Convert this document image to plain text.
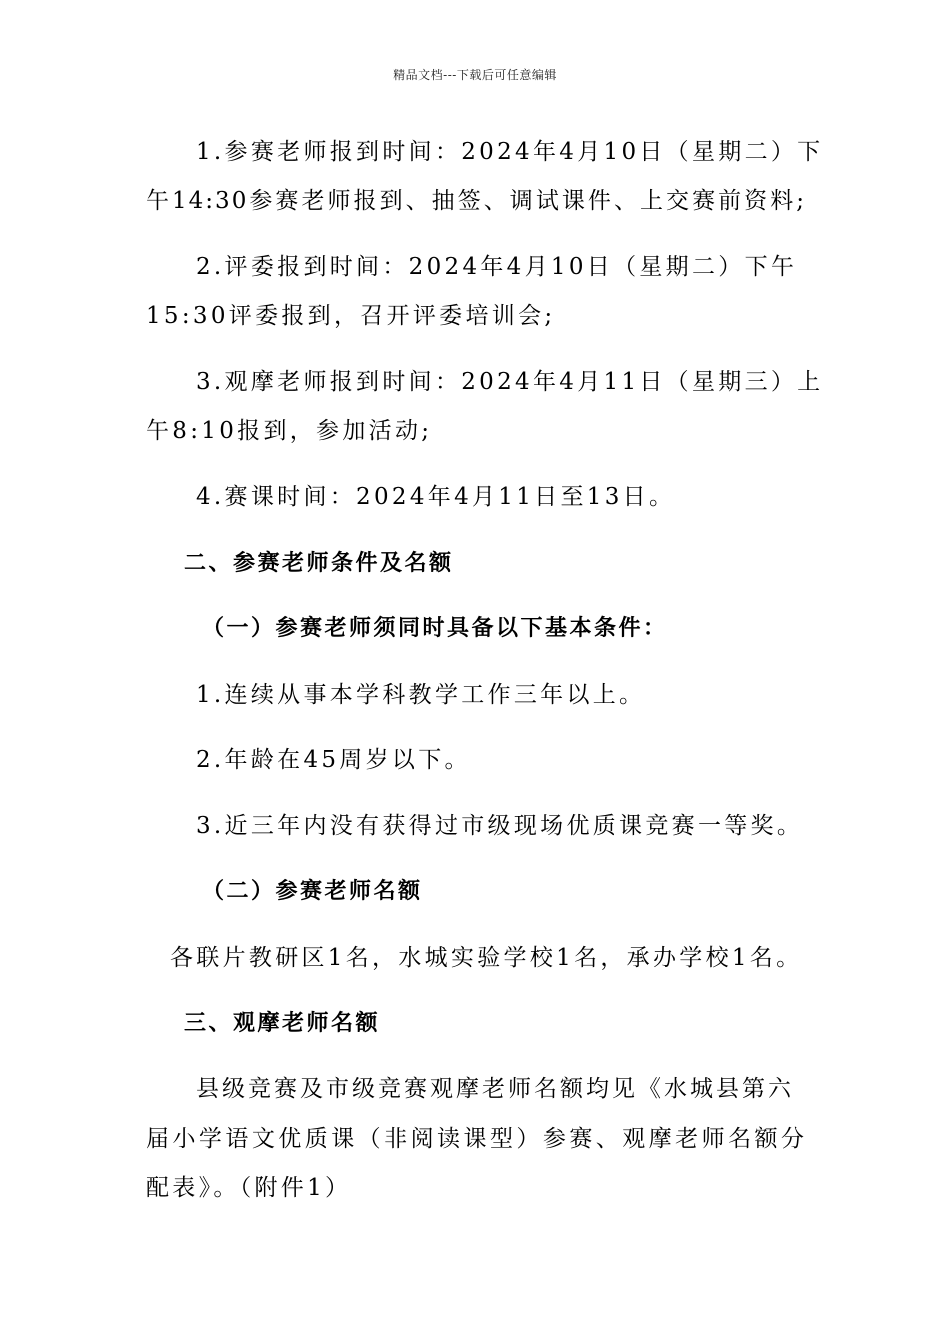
精品文档---下载后可任意编辑
1.参赛老师报到时间：2024年4月10日（星期二）下
午14:30参赛老师报到、抽签、调试课件、上交赛前资料;
2.评委报到时间：2024年4月10日（星期二）下午
15:30评委报到，召开评委培训会;
3.观摩老师报到时间：2024年4月11日（星期三）上
午8:10报到，参加活动;
4.赛课时间：2024年4月11日至13日。
二、参赛老师条件及名额
（一）参赛老师须同时具备以下基本条件：
1.连续从事本学科教学工作三年以上。
2.年龄在45周岁以下。
3.近三年内没有获得过市级现场优质课竞赛一等奖。
（二）参赛老师名额
各联片教研区1名，水城实验学校1名，承办学校1名。
三、观摩老师名额
县级竞赛及市级竞赛观摩老师名额均见《水城县第六
届小学语文优质课（非阅读课型）参赛、观摩老师名额分
配表》。（附件1）
